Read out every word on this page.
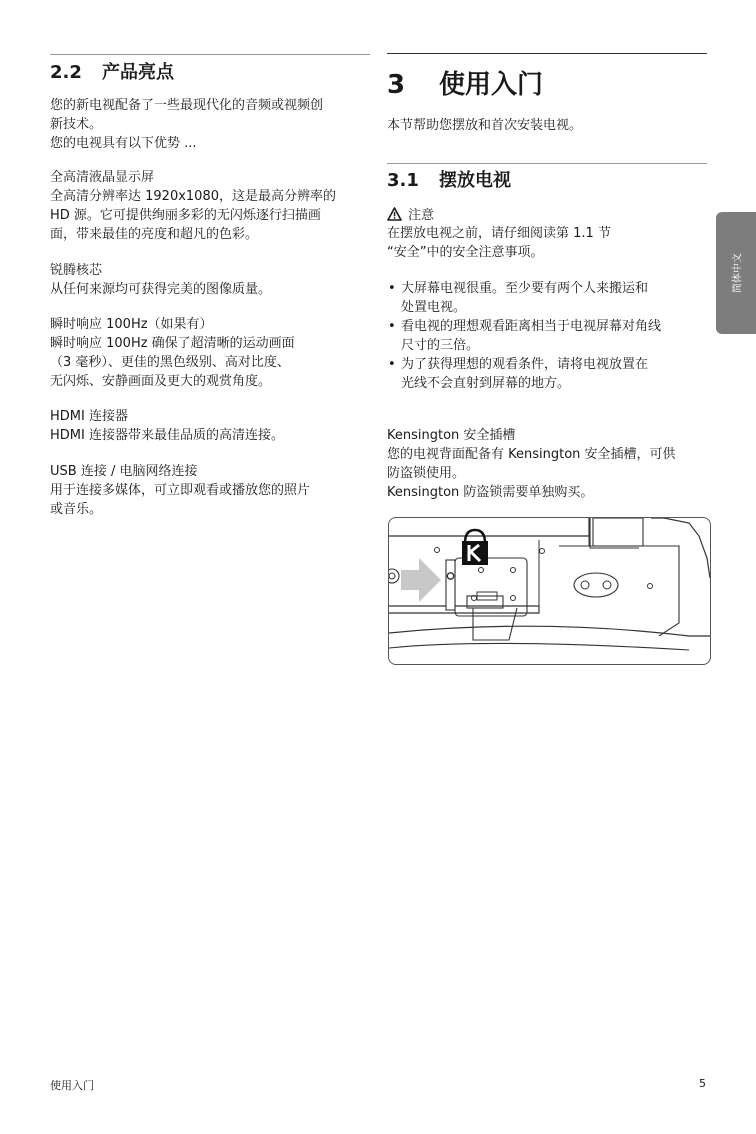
2.2 产品亮点
您的新电视配备了一些最现代化的音频或视频创
新技术。
您的电视具有以下优势 ...
全高清液晶显示屏
全高清分辨率达 1920x1080，这是最高分辨率的
HD 源。它可提供绚丽多彩的无闪烁逐行扫描画
面，带来最佳的亮度和超凡的色彩。
锐腾核芯
从任何来源均可获得完美的图像质量。
瞬时响应 100Hz（如果有）
瞬时响应 100Hz 确保了超清晰的运动画面
（3 毫秒）、更佳的黑色级别、高对比度、
无闪烁、安静画面及更大的观赏角度。
HDMI 连接器
HDMI 连接器带来最佳品质的高清连接。
USB 连接 / 电脑网络连接
用于连接多媒体，可立即观看或播放您的照片
或音乐。
3 使用入门
本节帮助您摆放和首次安装电视。
3.1 摆放电视
注意
在摆放电视之前，请仔细阅读第 1.1 节
“安全”中的安全注意事项。
• 大屏幕电视很重。至少要有两个人来搬运和
处置电视。
• 看电视的理想观看距离相当于电视屏幕对角线
尺寸的三倍。
• 为了获得理想的观看条件，请将电视放置在
光线不会直射到屏幕的地方。
Kensington 安全插槽
您的电视背面配备有 Kensington 安全插槽，可供
防盗锁使用。
Kensington 防盗锁需要单独购买。
简体中文
使用入门	5
